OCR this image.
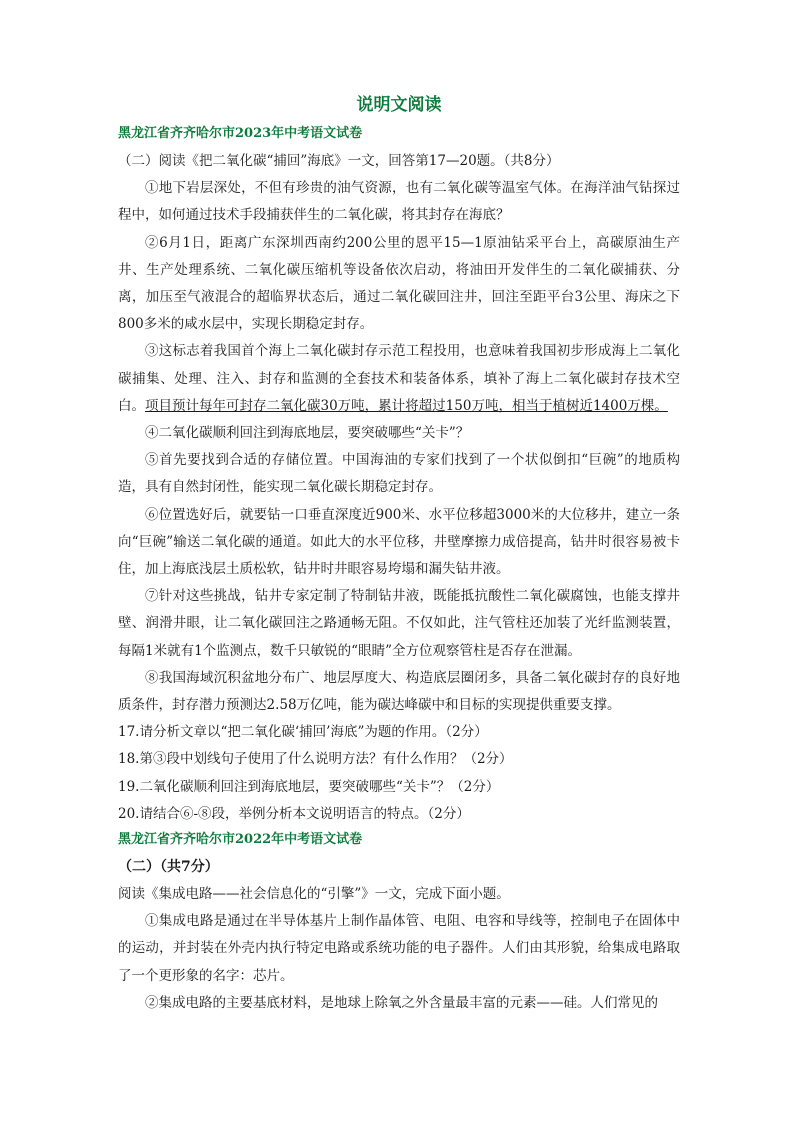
说明文阅读
黑龙江省齐齐哈尔市2023年中考语文试卷

（二）阅读《把二氧化碳“捕回”海底》一文，回答第17—20题。（共8分）

①地下岩层深处，不但有珍贵的油气资源，也有二氧化碳等温室气体。在海洋油气钻探过程中，如何通过技术手段捕获伴生的二氧化碳，将其封存在海底？

②6月1日，距离广东深圳西南约200公里的恩平15—1原油钻采平台上，高碳原油生产井、生产处理系统、二氧化碳压缩机等设备依次启动，将油田开发伴生的二氧化碳捕获、分离，加压至气液混合的超临界状态后，通过二氧化碳回注井，回注至距平台3公里、海床之下800多米的咸水层中，实现长期稳定封存。

③这标志着我国首个海上二氧化碳封存示范工程投用，也意味着我国初步形成海上二氧化碳捕集、处理、注入、封存和监测的全套技术和装备体系，填补了海上二氧化碳封存技术空白。项目预计每年可封存二氧化碳30万吨，累计将超过150万吨，相当于植树近1400万棵。

④二氧化碳顺利回注到海底地层，要突破哪些“关卡”？

⑤首先要找到合适的存储位置。中国海油的专家们找到了一个状似倒扣“巨碗”的地质构造，具有自然封闭性，能实现二氧化碳长期稳定封存。

⑥位置选好后，就要钻一口垂直深度近900米、水平位移超3000米的大位移井，建立一条向“巨碗”输送二氧化碳的通道。如此大的水平位移，井壁摩擦力成倍提高，钻井时很容易被卡住，加上海底浅层土质松软，钻井时井眼容易垮塌和漏失钻井液。

⑦针对这些挑战，钻井专家定制了特制钻井液，既能抵抗酸性二氧化碳腐蚀，也能支撑井壁、润滑井眼，让二氧化碳回注之路通畅无阻。不仅如此，注气管柱还加装了光纤监测装置，每隔1米就有1个监测点，数千只敏锐的“眼睛”全方位观察管柱是否存在泄漏。

⑧我国海域沉积盆地分布广、地层厚度大、构造底层圈闭多，具备二氧化碳封存的良好地质条件，封存潜力预测达2.58万亿吨，能为碳达峰碳中和目标的实现提供重要支撑。

17.请分析文章以“把二氧化碳‘捕回’海底”为题的作用。（2分）

18.第③段中划线句子使用了什么说明方法？有什么作用？（2分）

19.二氧化碳顺利回注到海底地层，要突破哪些“关卡”？（2分）

20.请结合⑥-⑧段，举例分析本文说明语言的特点。（2分）

黑龙江省齐齐哈尔市2022年中考语文试卷

（二）（共7分）

阅读《集成电路——社会信息化的“引擎”》一文，完成下面小题。

①集成电路是通过在半导体基片上制作晶体管、电阻、电容和导线等，控制电子在固体中的运动，并封装在外壳内执行特定电路或系统功能的电子器件。人们由其形貌，给集成电路取了一个更形象的名字：芯片。

②集成电路的主要基底材料，是地球上除氧之外含量最丰富的元素——硅。人们常见的
